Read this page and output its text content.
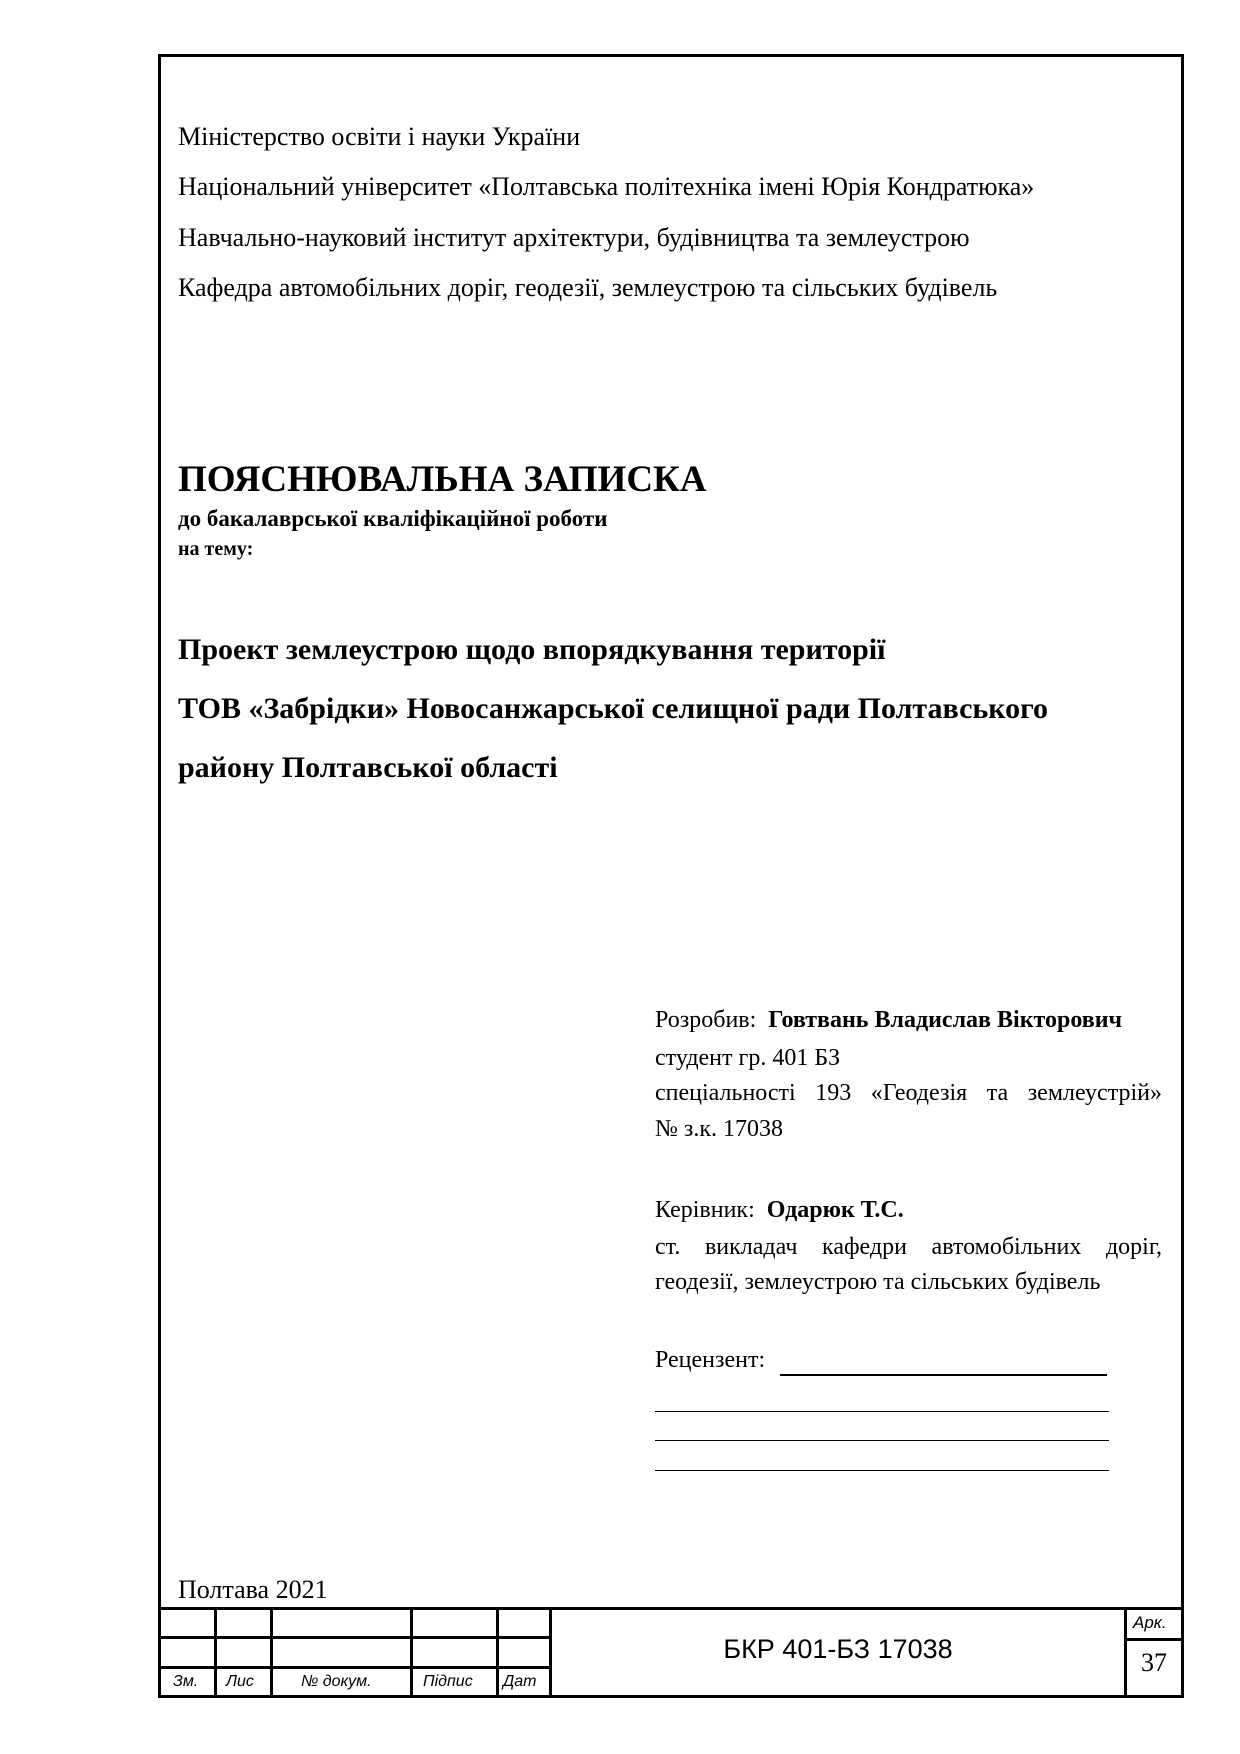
Міністерство освіти і науки України
Національний університет «Полтавська політехніка імені Юрія Кондратюка»
Навчально-науковий інститут архітектури, будівництва та землеустрою
Кафедра автомобільних доріг, геодезії, землеустрою та сільських будівель
ПОЯСНЮВАЛЬНА ЗАПИСКА
до бакалаврської кваліфікаційної роботи
на тему:
Проект землеустрою щодо впорядкування території
ТОВ «Забрідки» Новосанжарської селищної ради Полтавського
району Полтавської області
Розробив: Говтвань Владислав Вікторович
студент гр. 401 БЗ
спеціальності 193 «Геодезія та землеустрій»
№ з.к. 17038
Керівник: Одарюк Т.С.
ст. викладач кафедри автомобільних доріг,
геодезії, землеустрою та сільських будівель
Рецензент:
Полтава 2021
Зм. Лис	№ докум.	Підпис Дат
БКР 401-БЗ 17038
Арк.
37
